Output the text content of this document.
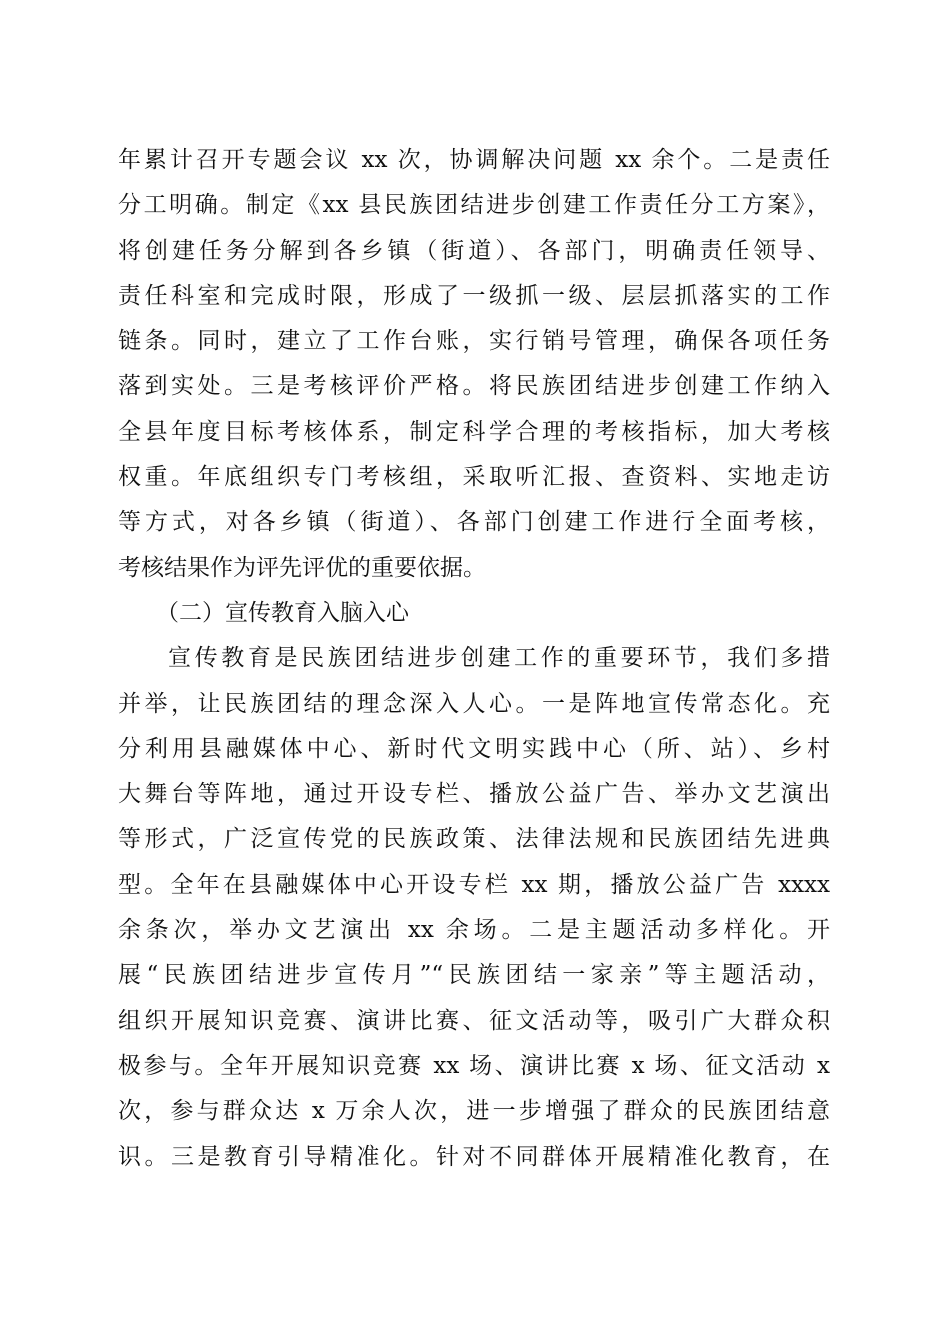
年累计召开专题会议 xx 次，协调解决问题 xx 余个。二是责任
分工明确。制定《xx 县民族团结进步创建工作责任分工方案》，
将创建任务分解到各乡镇（街道）、各部门，明确责任领导、
责任科室和完成时限，形成了一级抓一级、层层抓落实的工作
链条。同时，建立了工作台账，实行销号管理，确保各项任务
落到实处。三是考核评价严格。将民族团结进步创建工作纳入
全县年度目标考核体系，制定科学合理的考核指标，加大考核
权重。年底组织专门考核组，采取听汇报、查资料、实地走访
等方式，对各乡镇（街道）、各部门创建工作进行全面考核，
考核结果作为评先评优的重要依据。
（二）宣传教育入脑入心
宣传教育是民族团结进步创建工作的重要环节，我们多措
并举，让民族团结的理念深入人心。一是阵地宣传常态化。充
分利用县融媒体中心、新时代文明实践中心（所、站）、乡村
大舞台等阵地，通过开设专栏、播放公益广告、举办文艺演出
等形式，广泛宣传党的民族政策、法律法规和民族团结先进典
型。全年在县融媒体中心开设专栏 xx 期，播放公益广告 xxxx
余条次，举办文艺演出 xx 余场。二是主题活动多样化。开
展“民族团结进步宣传月”“民族团结一家亲”等主题活动，
组织开展知识竞赛、演讲比赛、征文活动等，吸引广大群众积
极参与。全年开展知识竞赛 xx 场、演讲比赛 x 场、征文活动 x
次，参与群众达 x 万余人次，进一步增强了群众的民族团结意
识。三是教育引导精准化。针对不同群体开展精准化教育，在
